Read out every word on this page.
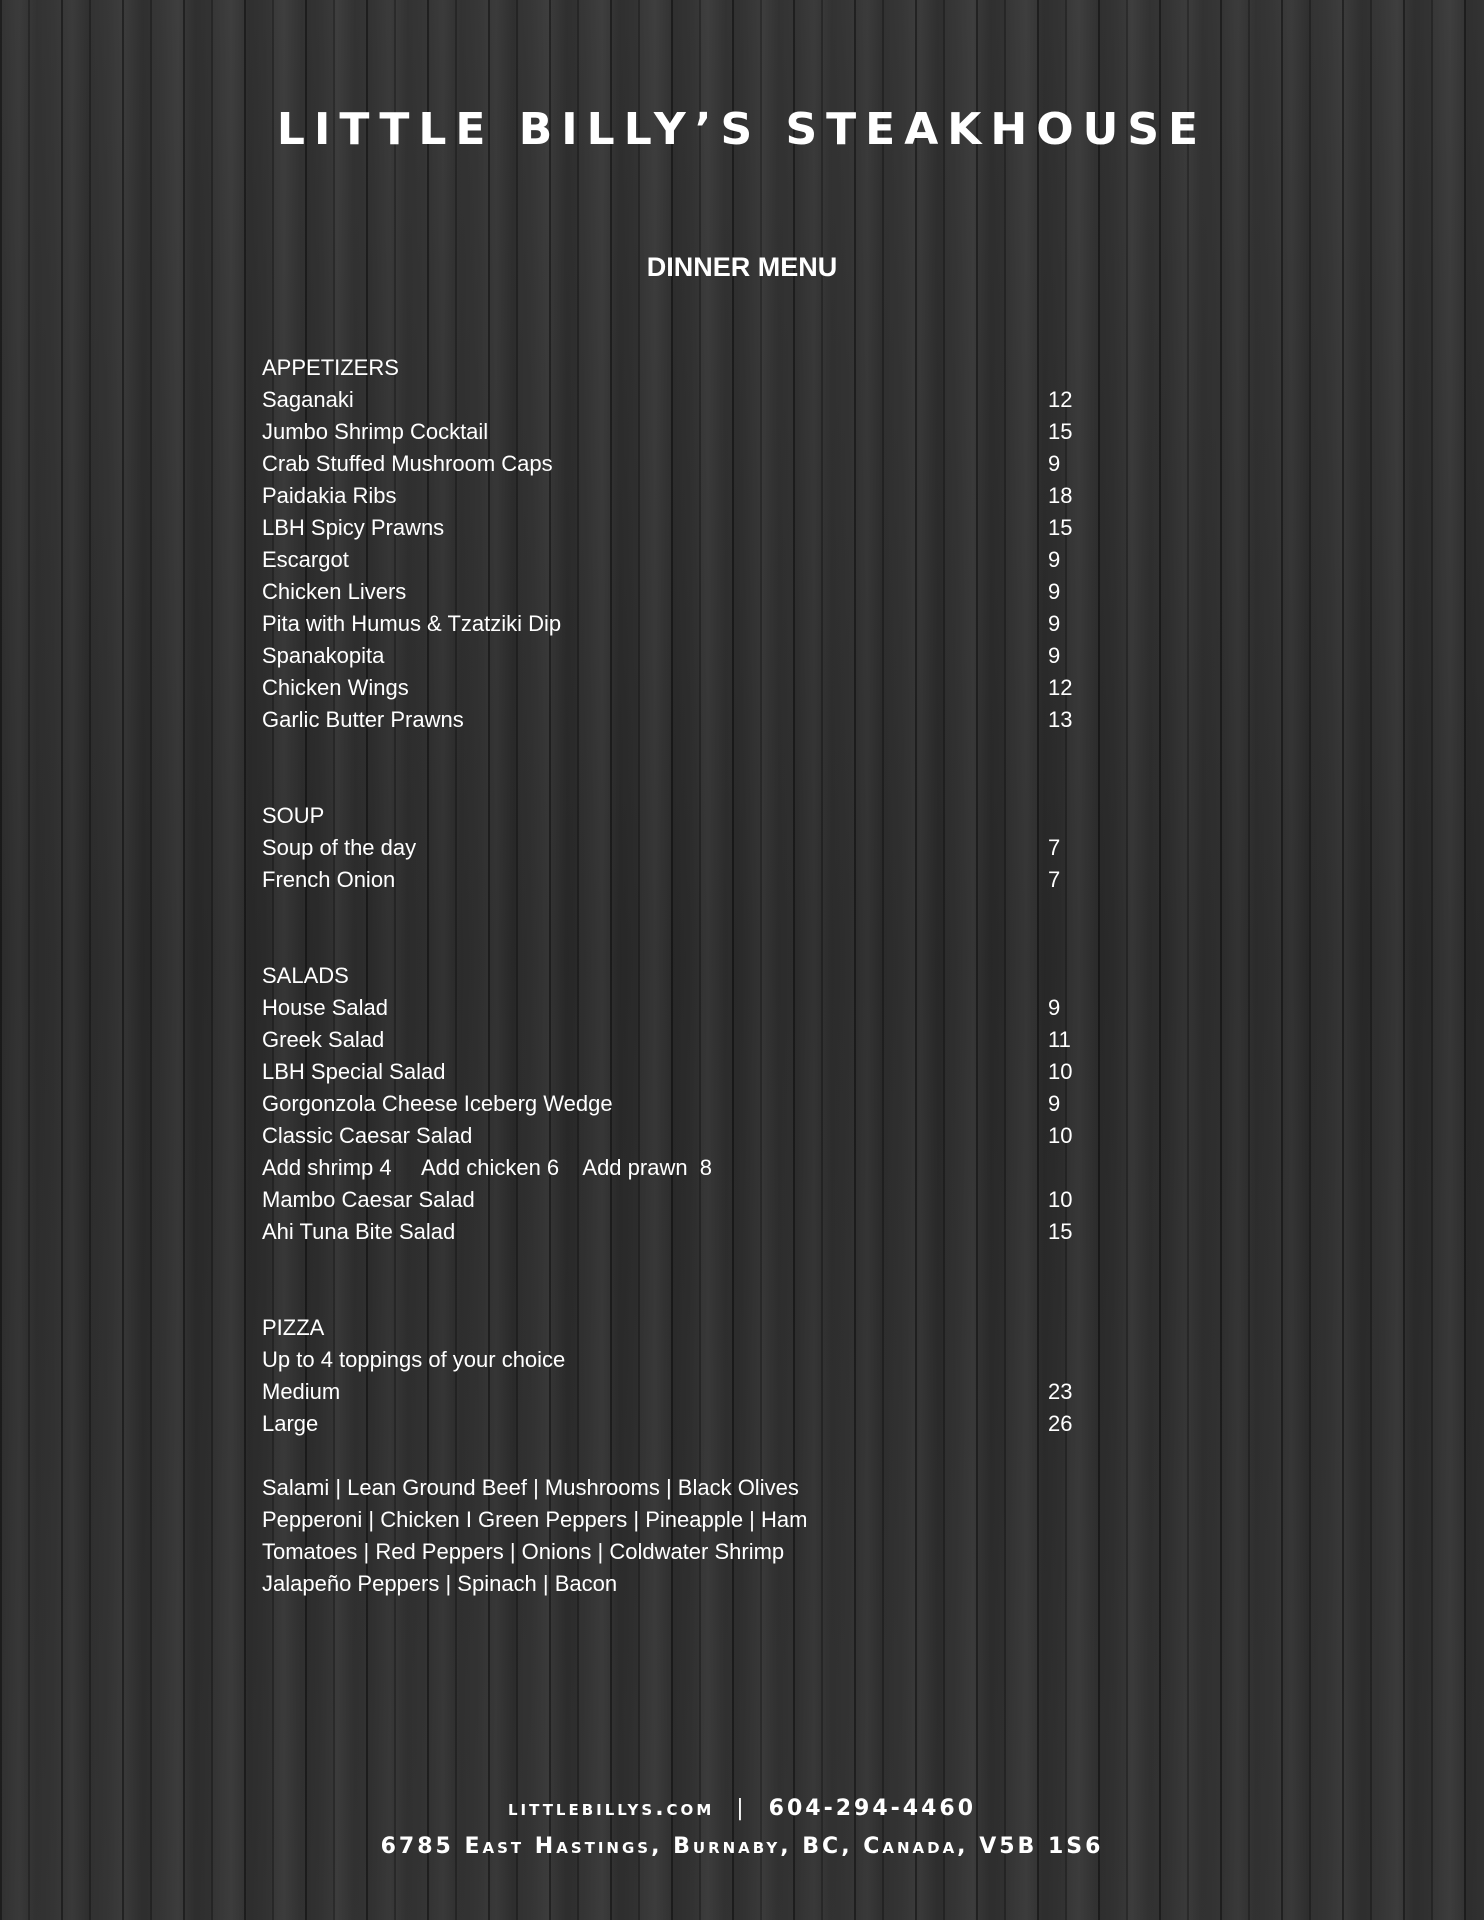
LITTLE BILLY’S STEAKHOUSE
DINNER MENU
APPETIZERS
Saganaki	12
Jumbo Shrimp Cocktail	15
Crab Stuffed Mushroom Caps	9
Paidakia Ribs	18
LBH Spicy Prawns	15
Escargot	9
Chicken Livers	9
Pita with Humus & Tzatziki Dip	9
Spanakopita	9
Chicken Wings	12
Garlic Butter Prawns	13
SOUP
Soup of the day	7
French Onion	7
SALADS
House Salad	9
Greek Salad	11
LBH Special Salad	10
Gorgonzola Cheese Iceberg Wedge	9
Classic Caesar Salad	10
Add shrimp 4     Add chicken 6    Add prawn  8
Mambo Caesar Salad	10
Ahi Tuna Bite Salad	15
PIZZA
Up to 4 toppings of your choice
Medium	23
Large	26
Salami | Lean Ground Beef | Mushrooms | Black Olives
Pepperoni | Chicken I Green Peppers | Pineapple | Ham
Tomatoes | Red Peppers | Onions | Coldwater Shrimp
Jalapeño Peppers | Spinach | Bacon
littlebillys.com | 604-294-4460
6785 East Hastings, Burnaby, BC, Canada, V5B 1S6
